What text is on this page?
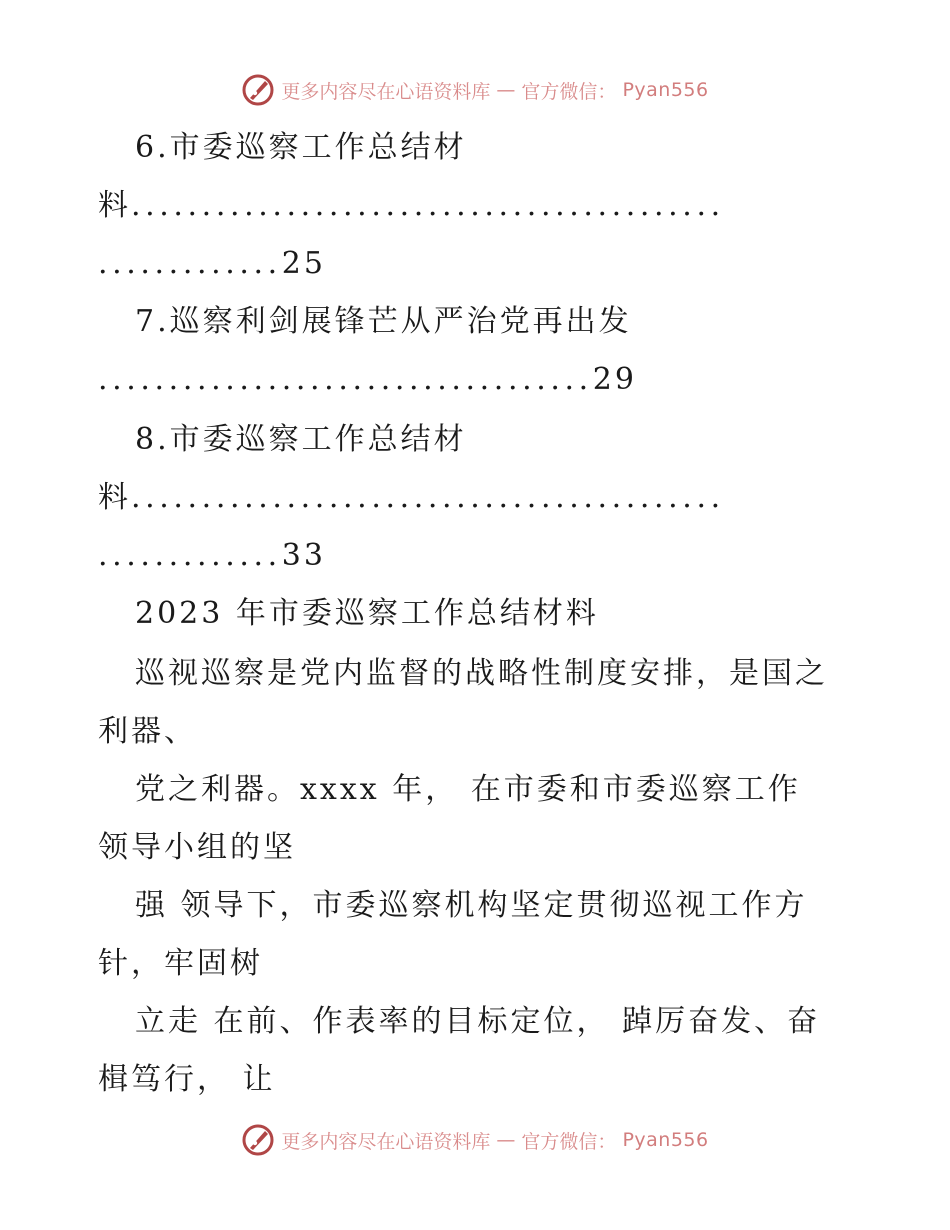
更多内容尽在心语资料库 — 官方微信： Pyan556
6.市委巡察工作总结材
料..........................................
.............25
7.巡察利剑展锋芒从严治党再出发
...................................29
8.市委巡察工作总结材
料..........................................
.............33
2023 年市委巡察工作总结材料
巡视巡察是党内监督的战略性制度安排，是国之
利器、
党之利器。xxxx 年， 在市委和市委巡察工作
领导小组的坚
强 领导下，市委巡察机构坚定贯彻巡视工作方
针，牢固树
立走 在前、作表率的目标定位， 踔厉奋发、奋
楫笃行， 让
更多内容尽在心语资料库 — 官方微信： Pyan556
